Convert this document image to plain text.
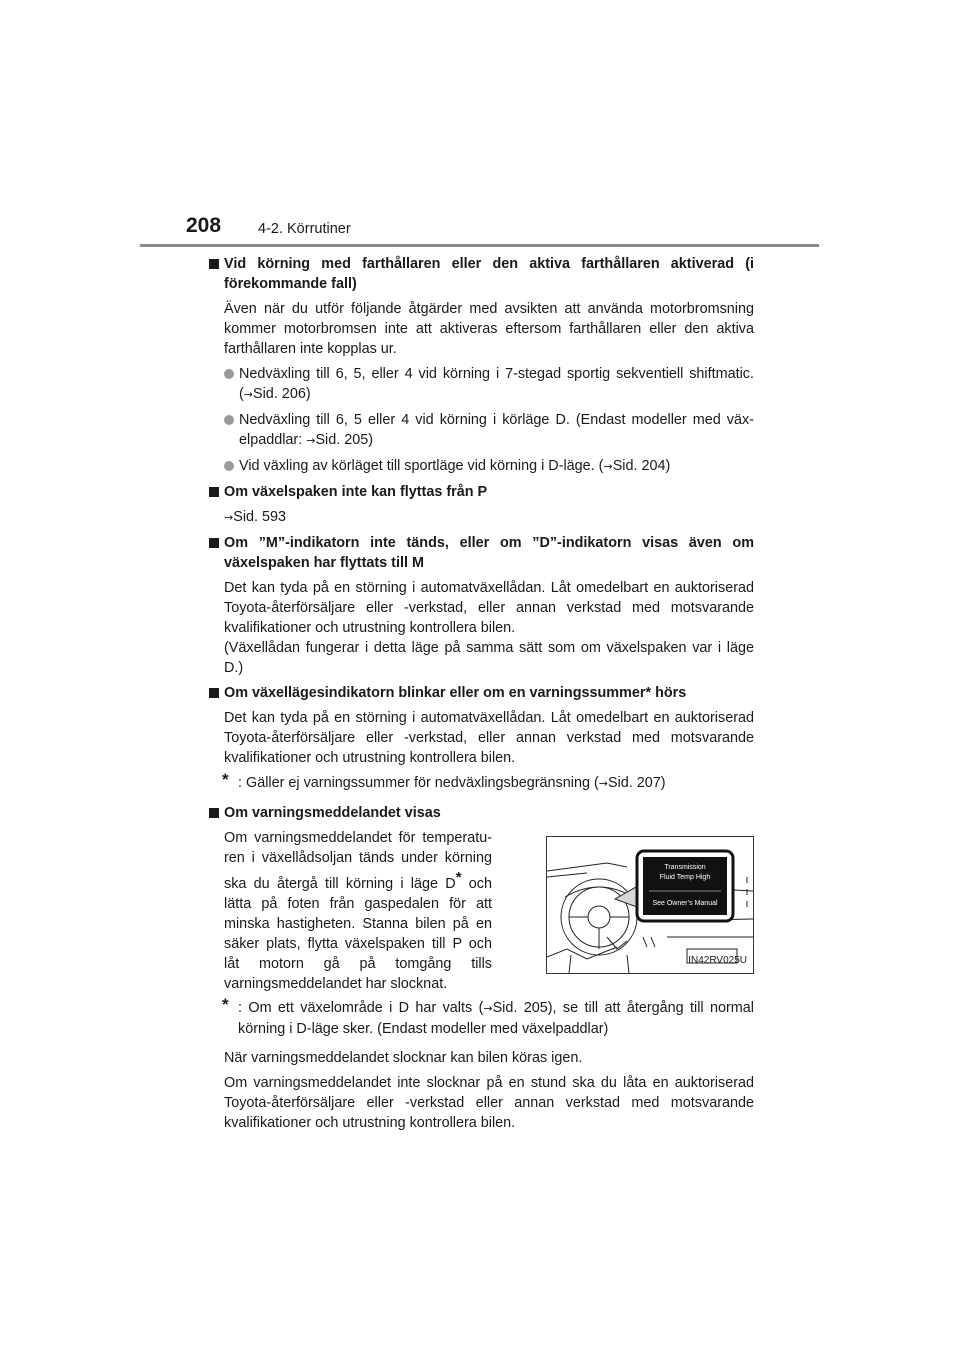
208	4-2. Körrutiner
Vid körning med farthållaren eller den aktiva farthållaren aktiverad (i förekommande fall)
Även när du utför följande åtgärder med avsikten att använda motorbromsning kommer motorbromsen inte att aktiveras eftersom farthållaren eller den aktiva farthållaren inte kopplas ur.
Nedväxling till 6, 5, eller 4 vid körning i 7-stegad sportig sekventiell shiftmatic. (→Sid. 206)
Nedväxling till 6, 5 eller 4 vid körning i körläge D. (Endast modeller med växelpaddlar: →Sid. 205)
Vid växling av körläget till sportläge vid körning i D-läge. (→Sid. 204)
Om växelspaken inte kan flyttas från P
→Sid. 593
Om ”M”-indikatorn inte tänds, eller om ”D”-indikatorn visas även om växelspaken har flyttats till M
Det kan tyda på en störning i automatväxellådan. Låt omedelbart en auktoriserad Toyota-återförsäljare eller -verkstad, eller annan verkstad med motsvarande kvalifikationer och utrustning kontrollera bilen.
(Växellådan fungerar i detta läge på samma sätt som om växelspaken var i läge D.)
Om växellägesindikatorn blinkar eller om en varningssummer* hörs
Det kan tyda på en störning i automatväxellådan. Låt omedelbart en auktoriserad Toyota-återförsäljare eller -verkstad, eller annan verkstad med motsvarande kvalifikationer och utrustning kontrollera bilen.
* : Gäller ej varningssummer för nedväxlingsbegränsning (→Sid. 207)
Om varningsmeddelandet visas
Om varningsmeddelandet för temperaturen i växellådsoljan tänds under körning ska du återgå till körning i läge D* och lätta på foten från gaspedalen för att minska hastigheten. Stanna bilen på en säker plats, flytta växelspaken till P och låt motorn gå på tomgång tills varningsmeddelandet har slocknat.
Transmission
Fluid Temp High
See Owner’s Manual
IN42RV025U
* : Om ett växelområde i D har valts (→Sid. 205), se till att återgång till normal körning i D-läge sker. (Endast modeller med växelpaddlar)
När varningsmeddelandet slocknar kan bilen köras igen.
Om varningsmeddelandet inte slocknar på en stund ska du låta en auktoriserad Toyota-återförsäljare eller -verkstad eller annan verkstad med motsvarande kvalifikationer och utrustning kontrollera bilen.
